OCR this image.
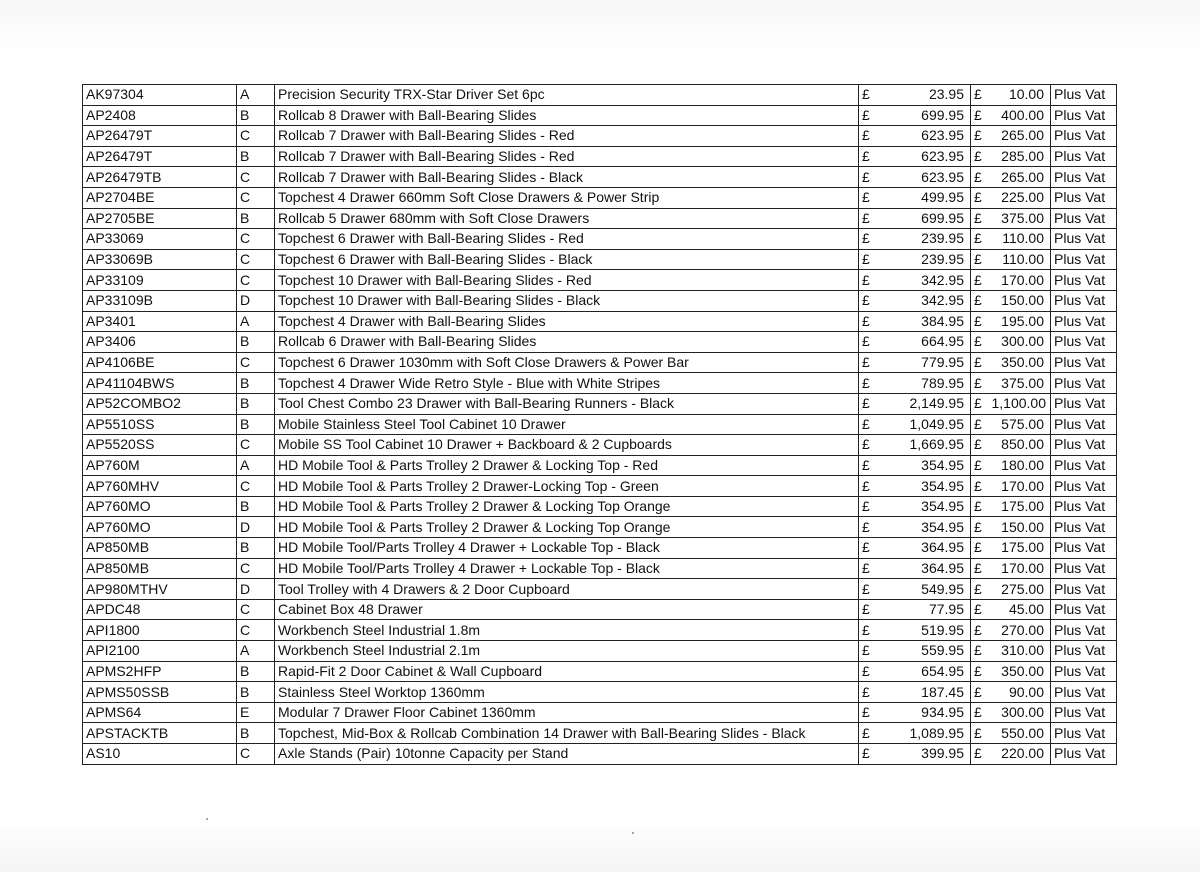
AK97304	A	Precision Security TRX-Star Driver Set 6pc	£	23.95	£	10.00	Plus Vat
AP2408	B	Rollcab 8 Drawer with Ball-Bearing Slides	£	699.95	£	400.00	Plus Vat
AP26479T	C	Rollcab 7 Drawer with Ball-Bearing Slides - Red	£	623.95	£	265.00	Plus Vat
AP26479T	B	Rollcab 7 Drawer with Ball-Bearing Slides - Red	£	623.95	£	285.00	Plus Vat
AP26479TB	C	Rollcab 7 Drawer with Ball-Bearing Slides - Black	£	623.95	£	265.00	Plus Vat
AP2704BE	C	Topchest 4 Drawer 660mm Soft Close Drawers & Power Strip	£	499.95	£	225.00	Plus Vat
AP2705BE	B	Rollcab 5 Drawer 680mm with Soft Close Drawers	£	699.95	£	375.00	Plus Vat
AP33069	C	Topchest 6 Drawer with Ball-Bearing Slides - Red	£	239.95	£	110.00	Plus Vat
AP33069B	C	Topchest 6 Drawer with Ball-Bearing Slides - Black	£	239.95	£	110.00	Plus Vat
AP33109	C	Topchest 10 Drawer with Ball-Bearing Slides - Red	£	342.95	£	170.00	Plus Vat
AP33109B	D	Topchest 10 Drawer with Ball-Bearing Slides - Black	£	342.95	£	150.00	Plus Vat
AP3401	A	Topchest 4 Drawer with Ball-Bearing Slides	£	384.95	£	195.00	Plus Vat
AP3406	B	Rollcab 6 Drawer with Ball-Bearing Slides	£	664.95	£	300.00	Plus Vat
AP4106BE	C	Topchest 6 Drawer 1030mm with Soft Close Drawers & Power Bar	£	779.95	£	350.00	Plus Vat
AP41104BWS	B	Topchest 4 Drawer Wide Retro Style - Blue with White Stripes	£	789.95	£	375.00	Plus Vat
AP52COMBO2	B	Tool Chest Combo 23 Drawer with Ball-Bearing Runners - Black	£	2,149.95	£	1,100.00	Plus Vat
AP5510SS	B	Mobile Stainless Steel Tool Cabinet 10 Drawer	£	1,049.95	£	575.00	Plus Vat
AP5520SS	C	Mobile SS Tool Cabinet 10 Drawer + Backboard & 2 Cupboards	£	1,669.95	£	850.00	Plus Vat
AP760M	A	HD Mobile Tool & Parts Trolley 2 Drawer & Locking Top - Red	£	354.95	£	180.00	Plus Vat
AP760MHV	C	HD Mobile Tool & Parts Trolley 2 Drawer-Locking Top - Green	£	354.95	£	170.00	Plus Vat
AP760MO	B	HD Mobile Tool & Parts Trolley 2 Drawer & Locking Top Orange	£	354.95	£	175.00	Plus Vat
AP760MO	D	HD Mobile Tool & Parts Trolley 2 Drawer & Locking Top Orange	£	354.95	£	150.00	Plus Vat
AP850MB	B	HD Mobile Tool/Parts Trolley 4 Drawer + Lockable Top - Black	£	364.95	£	175.00	Plus Vat
AP850MB	C	HD Mobile Tool/Parts Trolley 4 Drawer + Lockable Top - Black	£	364.95	£	170.00	Plus Vat
AP980MTHV	D	Tool Trolley with 4 Drawers & 2 Door Cupboard	£	549.95	£	275.00	Plus Vat
APDC48	C	Cabinet Box 48 Drawer	£	77.95	£	45.00	Plus Vat
API1800	C	Workbench Steel Industrial 1.8m	£	519.95	£	270.00	Plus Vat
API2100	A	Workbench Steel Industrial 2.1m	£	559.95	£	310.00	Plus Vat
APMS2HFP	B	Rapid-Fit 2 Door Cabinet & Wall Cupboard	£	654.95	£	350.00	Plus Vat
APMS50SSB	B	Stainless Steel Worktop 1360mm	£	187.45	£	90.00	Plus Vat
APMS64	E	Modular 7 Drawer Floor Cabinet 1360mm	£	934.95	£	300.00	Plus Vat
APSTACKTB	B	Topchest, Mid-Box & Rollcab Combination 14 Drawer with Ball-Bearing Slides - Black	£	1,089.95	£	550.00	Plus Vat
AS10	C	Axle Stands (Pair) 10tonne Capacity per Stand	£	399.95	£	220.00	Plus Vat
